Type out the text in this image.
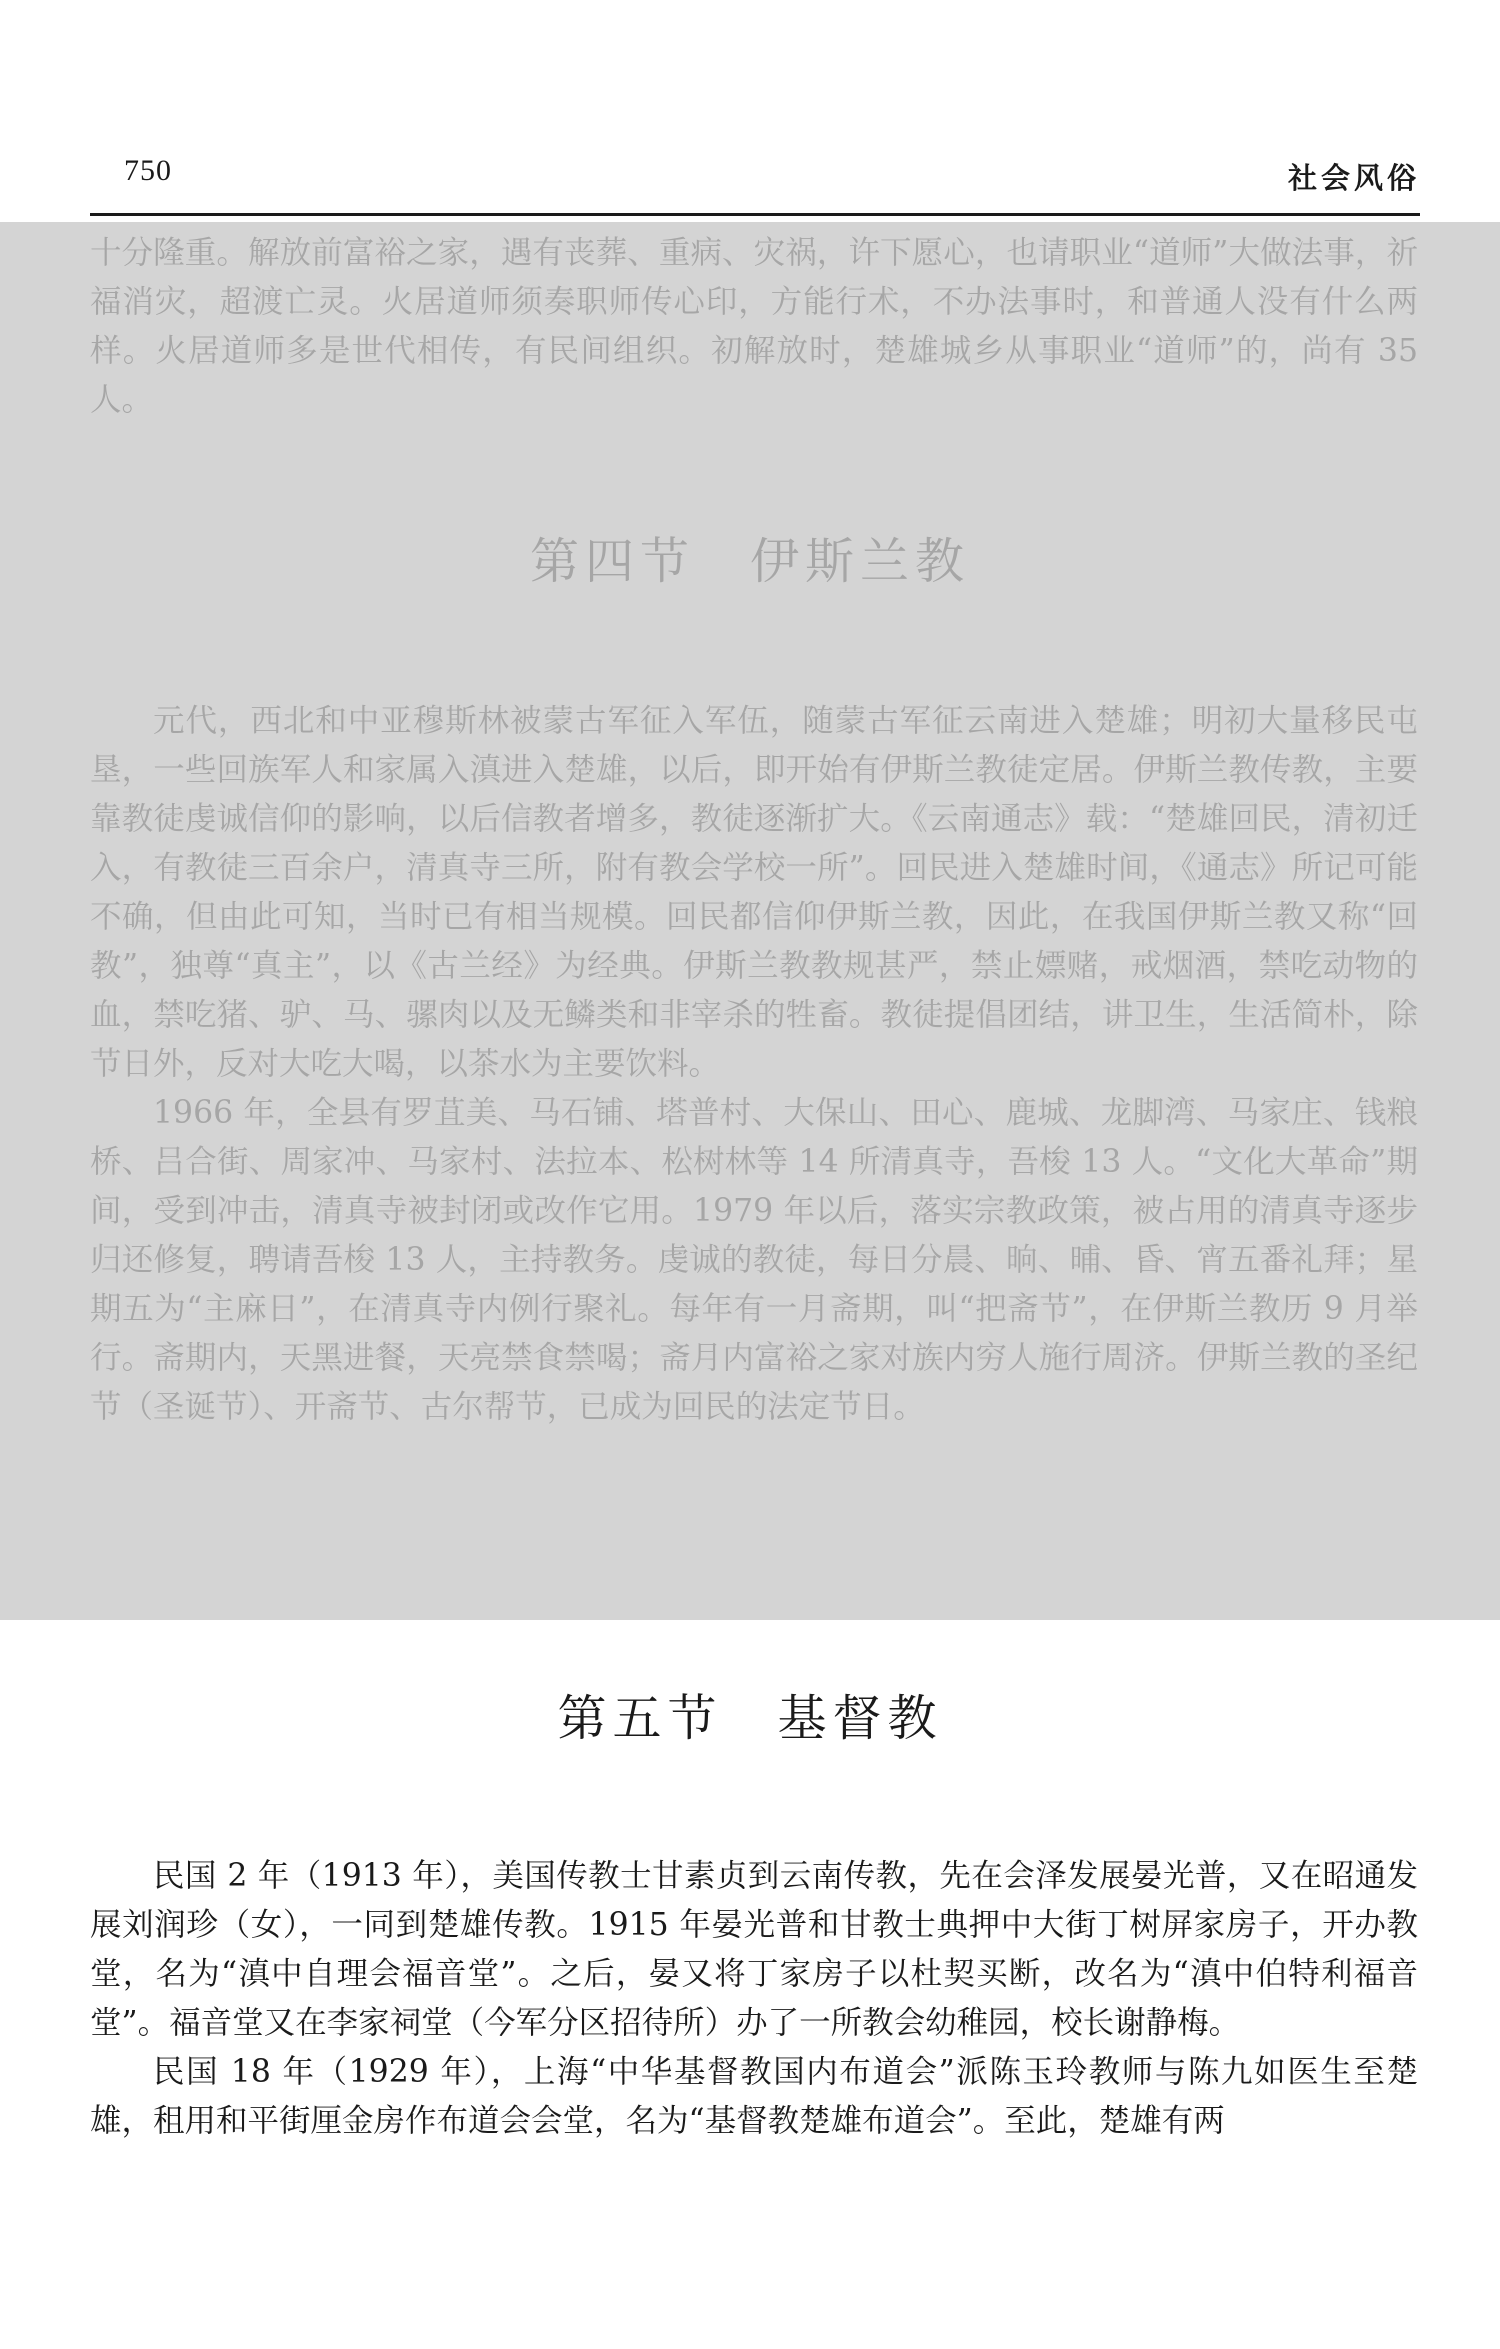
750	社会风俗

十分隆重。解放前富裕之家，遇有丧葬、重病、灾祸，许下愿心，也请职业“道师”大做法事，祈福消灾，超渡亡灵。火居道师须奏职师传心印，方能行术，不办法事时，和普通人没有什么两样。火居道师多是世代相传，有民间组织。初解放时，楚雄城乡从事职业“道师”的，尚有 35 人。

第四节　伊斯兰教

元代，西北和中亚穆斯林被蒙古军征入军伍，随蒙古军征云南进入楚雄；明初大量移民屯垦，一些回族军人和家属入滇进入楚雄，以后，即开始有伊斯兰教徒定居。伊斯兰教传教，主要靠教徒虔诚信仰的影响，以后信教者增多，教徒逐渐扩大。《云南通志》载：“楚雄回民，清初迁入，有教徒三百余户，清真寺三所，附有教会学校一所”。回民进入楚雄时间，《通志》所记可能不确，但由此可知，当时已有相当规模。回民都信仰伊斯兰教，因此，在我国伊斯兰教又称“回教”，独尊“真主”，以《古兰经》为经典。伊斯兰教教规甚严，禁止嫖赌，戒烟酒，禁吃动物的血，禁吃猪、驴、马、骡肉以及无鳞类和非宰杀的牲畜。教徒提倡团结，讲卫生，生活简朴，除节日外，反对大吃大喝，以茶水为主要饮料。

1966 年，全县有罗苴美、马石铺、塔普村、大保山、田心、鹿城、龙脚湾、马家庄、钱粮桥、吕合街、周家冲、马家村、法拉本、松树林等 14 所清真寺，吾梭 13 人。“文化大革命”期间，受到冲击，清真寺被封闭或改作它用。1979 年以后，落实宗教政策，被占用的清真寺逐步归还修复，聘请吾梭 13 人，主持教务。虔诚的教徒，每日分晨、晌、晡、昏、宵五番礼拜；星期五为“主麻日”，在清真寺内例行聚礼。每年有一月斋期，叫“把斋节”，在伊斯兰教历 9 月举行。斋期内，天黑进餐，天亮禁食禁喝；斋月内富裕之家对族内穷人施行周济。伊斯兰教的圣纪节（圣诞节）、开斋节、古尔帮节，已成为回民的法定节日。

第五节　基督教

民国 2 年（1913 年），美国传教士甘素贞到云南传教，先在会泽发展晏光普，又在昭通发展刘润珍（女），一同到楚雄传教。1915 年晏光普和甘教士典押中大街丁树屏家房子，开办教堂，名为“滇中自理会福音堂”。之后，晏又将丁家房子以杜契买断，改名为“滇中伯特利福音堂”。福音堂又在李家祠堂（今军分区招待所）办了一所教会幼稚园，校长谢静梅。

民国 18 年（1929 年），上海“中华基督教国内布道会”派陈玉玲教师与陈九如医生至楚雄，租用和平街厘金房作布道会会堂，名为“基督教楚雄布道会”。至此，楚雄有两
